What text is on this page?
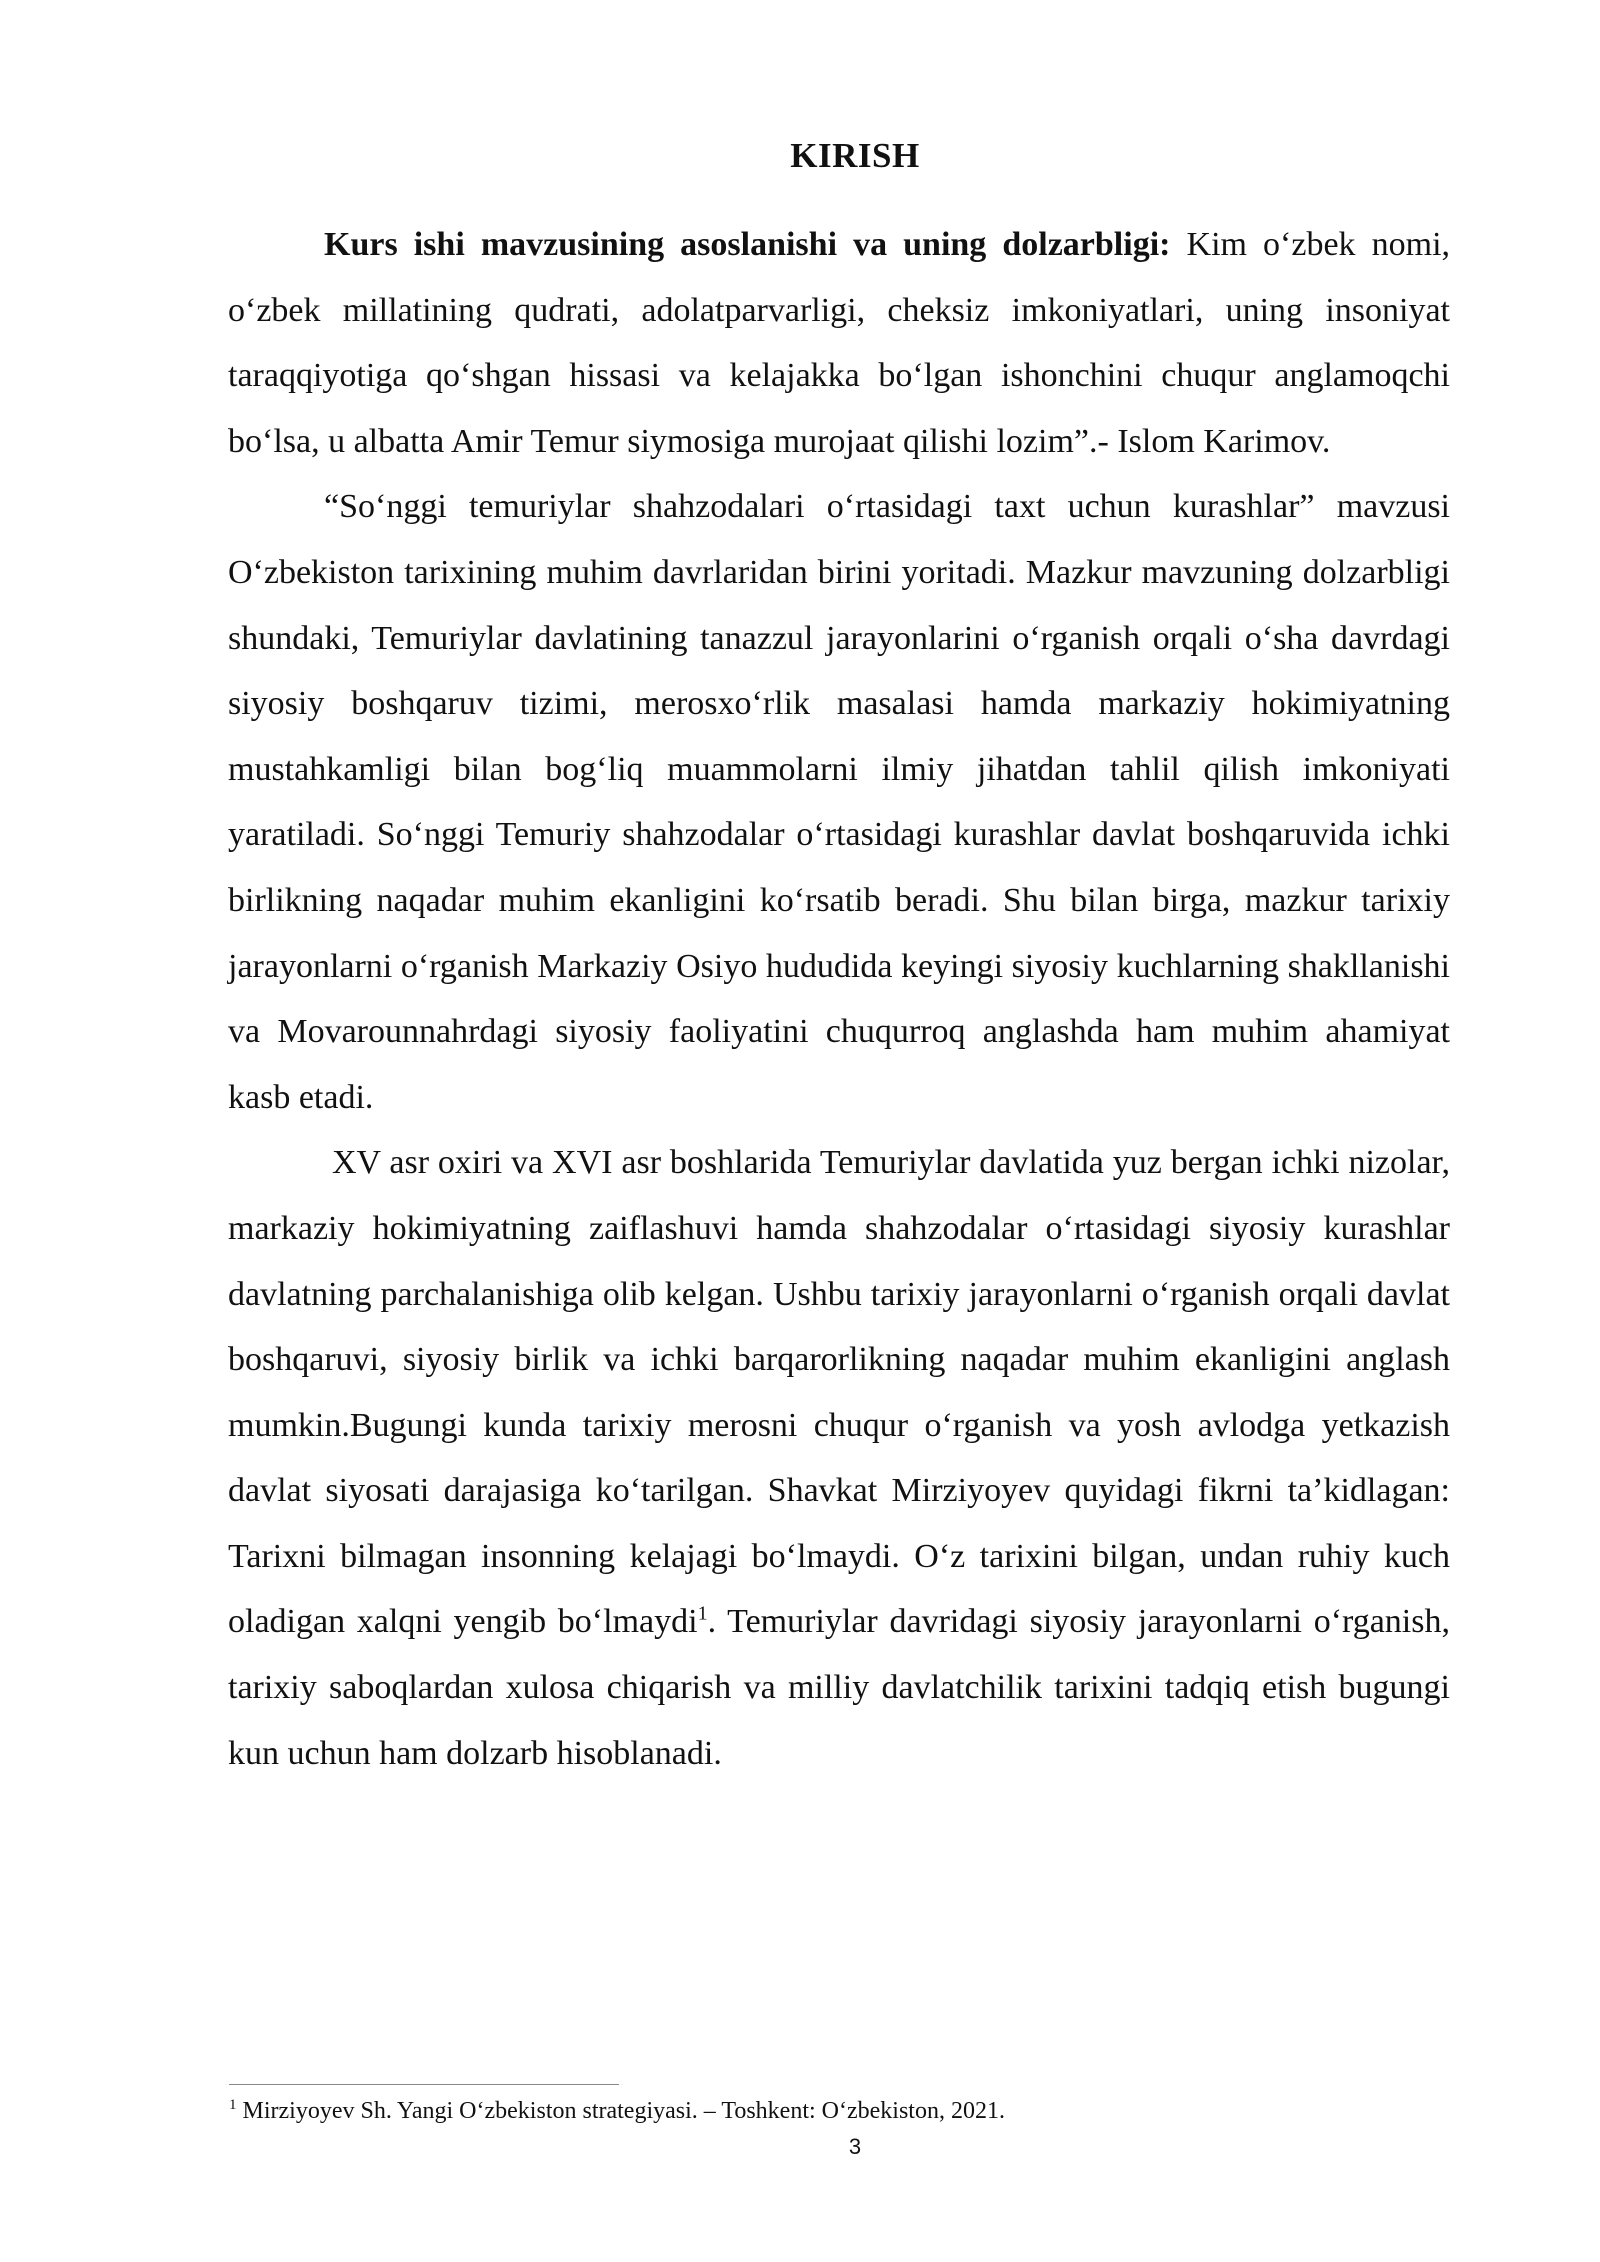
KIRISH

Kurs ishi mavzusining asoslanishi va uning dolzarbligi: Kim o‘zbek nomi, o‘zbek millatining qudrati, adolatparvarligi, cheksiz imkoniyatlari, uning insoniyat taraqqiyotiga qo‘shgan hissasi va kelajakka bo‘lgan ishonchini chuqur anglamoqchi bo‘lsa, u albatta Amir Temur siymosiga murojaat qilishi lozim”.- Islom Karimov.

“So‘nggi temuriylar shahzodalari o‘rtasidagi taxt uchun kurashlar” mavzusi O‘zbekiston tarixining muhim davrlaridan birini yoritadi. Mazkur mavzuning dolzarbligi shundaki, Temuriylar davlatining tanazzul jarayonlarini o‘rganish orqali o‘sha davrdagi siyosiy boshqaruv tizimi, merosxo‘rlik masalasi hamda markaziy hokimiyatning mustahkamligi bilan bog‘liq muammolarni ilmiy jihatdan tahlil qilish imkoniyati yaratiladi. So‘nggi Temuriy shahzodalar o‘rtasidagi kurashlar davlat boshqaruvida ichki birlikning naqadar muhim ekanligini ko‘rsatib beradi. Shu bilan birga, mazkur tarixiy jarayonlarni o‘rganish Markaziy Osiyo hududida keyingi siyosiy kuchlarning shakllanishi va Movarounnahrdagi siyosiy faoliyatini chuqurroq anglashda ham muhim ahamiyat kasb etadi.

XV asr oxiri va XVI asr boshlarida Temuriylar davlatida yuz bergan ichki nizolar, markaziy hokimiyatning zaiflashuvi hamda shahzodalar o‘rtasidagi siyosiy kurashlar davlatning parchalanishiga olib kelgan. Ushbu tarixiy jarayonlarni o‘rganish orqali davlat boshqaruvi, siyosiy birlik va ichki barqarorlikning naqadar muhim ekanligini anglash mumkin.Bugungi kunda tarixiy merosni chuqur o‘rganish va yosh avlodga yetkazish davlat siyosati darajasiga ko‘tarilgan. Shavkat Mirziyoyev quyidagi fikrni ta’kidlagan: Tarixni bilmagan insonning kelajagi bo‘lmaydi. O‘z tarixini bilgan, undan ruhiy kuch oladigan xalqni yengib bo‘lmaydi$^1$. Temuriylar davridagi siyosiy jarayonlarni o‘rganish, tarixiy saboqlardan xulosa chiqarish va milliy davlatchilik tarixini tadqiq etish bugungi kun uchun ham dolzarb hisoblanadi.

$^1$ Mirziyoyev Sh. Yangi O‘zbekiston strategiyasi. – Toshkent: O‘zbekiston, 2021.
3
